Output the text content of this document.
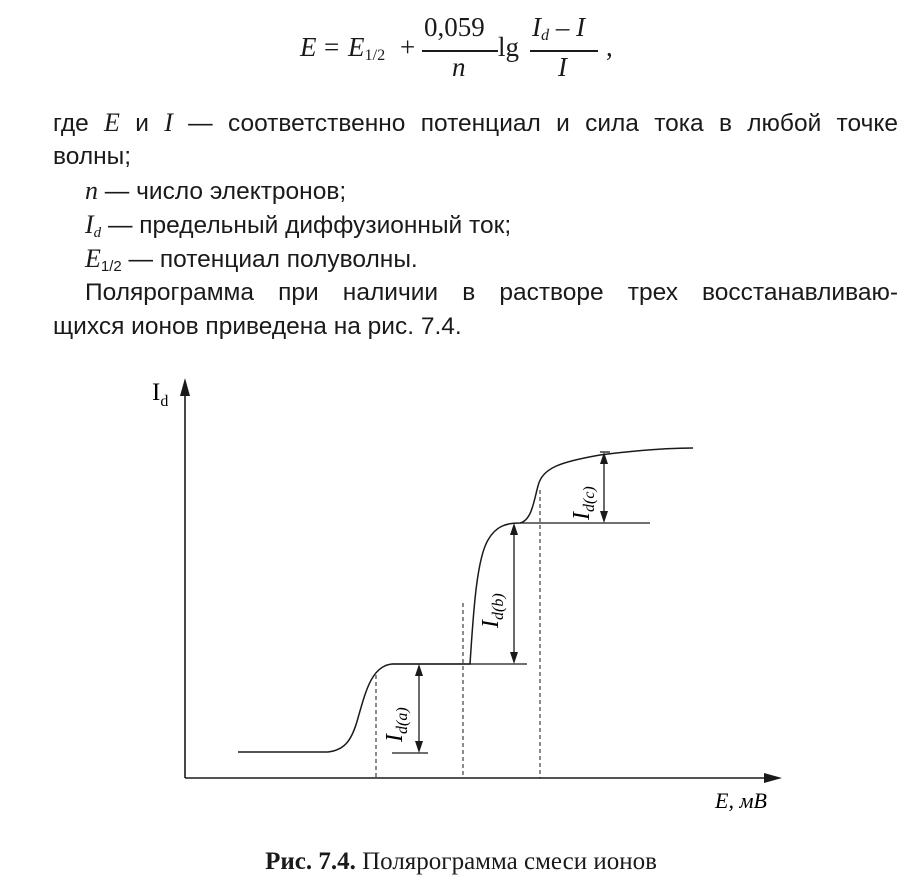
$E = E_{1/2}$ +
0,059
n
lg
$I_d$ – I
I
,
где E и I — соответственно потенциал и сила тока в любой точке
волны;
n — число электронов;
$I_d$ — предельный диффузионный ток;
$E_{1/2}$ — потенциал полуволны.
Полярограмма при наличии в растворе трех восстанавливаю-
щихся ионов приведена на рис. 7.4.
$I_d$
E, мВ
$I_{d(a)}$
$I_{d(b)}$
$I_{d(c)}$
Рис. 7.4. Полярограмма смеси ионов
